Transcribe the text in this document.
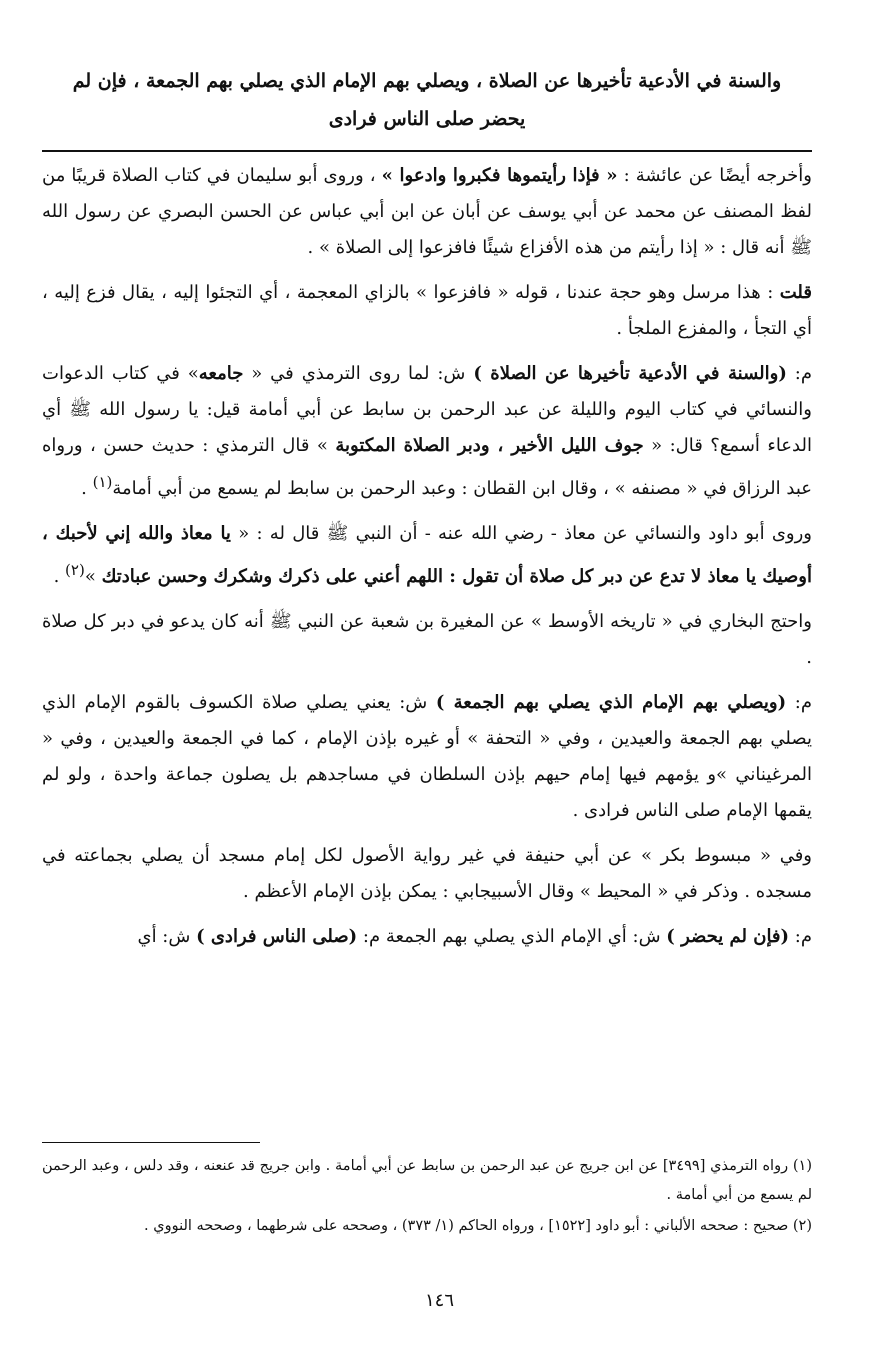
والسنة في الأدعية تأخيرها عن الصلاة ، ويصلي بهم الإمام الذي يصلي بهم الجمعة ، فإن لم
يحضر صلى الناس فرادى

وأخرجه أيضًا عن عائشة : « فإذا رأيتموها فكبروا وادعوا » ، وروى أبو سليمان في كتاب الصلاة قريبًا من لفظ المصنف عن محمد عن أبي يوسف عن أبان عن ابن أبي عباس عن الحسن البصري عن رسول الله ﷺ أنه قال : « إذا رأيتم من هذه الأفزاع شيئًا فافزعوا إلى الصلاة » .

قلت : هذا مرسل وهو حجة عندنا ، قوله « فافزعوا » بالزاي المعجمة ، أي التجئوا إليه ، يقال فزع إليه ، أي التجأ ، والمفزع الملجأ .

م: (والسنة في الأدعية تأخيرها عن الصلاة ) ش: لما روى الترمذي في « جامعه» في كتاب الدعوات والنسائي في كتاب اليوم والليلة عن عبد الرحمن بن سابط عن أبي أمامة قيل: يا رسول الله ﷺ أي الدعاء أسمع؟ قال: « جوف الليل الأخير ، ودبر الصلاة المكتوبة » قال الترمذي : حديث حسن ، ورواه عبد الرزاق في « مصنفه » ، وقال ابن القطان : وعبد الرحمن بن سابط لم يسمع من أبي أمامة$^{(١)}$ .

وروى أبو داود والنسائي عن معاذ - رضي الله عنه - أن النبي ﷺ قال له : « يا معاذ والله إني لأحبك ، أوصيك يا معاذ لا تدع عن دبر كل صلاة أن تقول : اللهم أعني على ذكرك وشكرك وحسن عبادتك »$^{(٢)}$ .

واحتج البخاري في « تاريخه الأوسط » عن المغيرة بن شعبة عن النبي ﷺ أنه كان يدعو في دبر كل صلاة .

م: (ويصلي بهم الإمام الذي يصلي بهم الجمعة ) ش: يعني يصلي صلاة الكسوف بالقوم الإمام الذي يصلي بهم الجمعة والعيدين ، وفي « التحفة » أو غيره بإذن الإمام ، كما في الجمعة والعيدين ، وفي « المرغيناني »و يؤمهم فيها إمام حيهم بإذن السلطان في مساجدهم بل يصلون جماعة واحدة ، ولو لم يقمها الإمام صلى الناس فرادى .

وفي « مبسوط بكر » عن أبي حنيفة في غير رواية الأصول لكل إمام مسجد أن يصلي بجماعته في مسجده . وذكر في « المحيط » وقال الأسبيجابي : يمكن بإذن الإمام الأعظم .

م: (فإن لم يحضر ) ش: أي الإمام الذي يصلي بهم الجمعة م: (صلى الناس فرادى ) ش: أي

(١) رواه الترمذي [٣٤٩٩] عن ابن جريج عن عبد الرحمن بن سابط عن أبي أمامة . وابن جريج قد عنعنه ، وقد دلس ، وعبد الرحمن لم يسمع من أبي أمامة .

(٢) صحيح : صححه الألباني : أبو داود [١٥٢٢] ، ورواه الحاكم (١/ ٣٧٣) ، وصححه على شرطهما ، وصححه النووي .

١٤٦
